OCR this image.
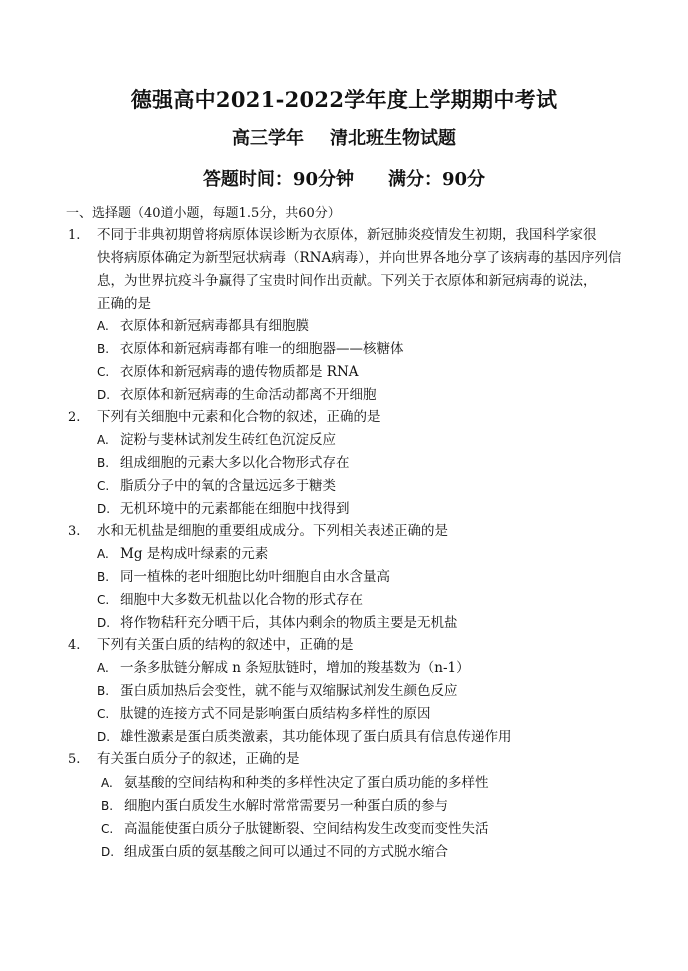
德强高中2021-2022学年度上学期期中考试
高三学年 清北班生物试题
答题时间：90分钟 满分：90分
一、选择题（40道小题，每题1.5分，共60分）
1. 不同于非典初期曾将病原体误诊断为衣原体，新冠肺炎疫情发生初期，我国科学家很
快将病原体确定为新型冠状病毒（RNA病毒），并向世界各地分享了该病毒的基因序列信
息，为世界抗疫斗争赢得了宝贵时间作出贡献。下列关于衣原体和新冠病毒的说法，
正确的是
A. 衣原体和新冠病毒都具有细胞膜
B. 衣原体和新冠病毒都有唯一的细胞器——核糖体
C. 衣原体和新冠病毒的遗传物质都是 RNA
D. 衣原体和新冠病毒的生命活动都离不开细胞
2. 下列有关细胞中元素和化合物的叙述，正确的是
A. 淀粉与斐林试剂发生砖红色沉淀反应
B. 组成细胞的元素大多以化合物形式存在
C. 脂质分子中的氧的含量远远多于糖类
D. 无机环境中的元素都能在细胞中找得到
3. 水和无机盐是细胞的重要组成成分。下列相关表述正确的是
A. Mg 是构成叶绿素的元素
B. 同一植株的老叶细胞比幼叶细胞自由水含量高
C. 细胞中大多数无机盐以化合物的形式存在
D. 将作物秸秆充分晒干后，其体内剩余的物质主要是无机盐
4. 下列有关蛋白质的结构的叙述中，正确的是
A. 一条多肽链分解成 n 条短肽链时，增加的羧基数为（n-1）
B. 蛋白质加热后会变性，就不能与双缩脲试剂发生颜色反应
C. 肽键的连接方式不同是影响蛋白质结构多样性的原因
D. 雄性激素是蛋白质类激素，其功能体现了蛋白质具有信息传递作用
5. 有关蛋白质分子的叙述，正确的是
A. 氨基酸的空间结构和种类的多样性决定了蛋白质功能的多样性
B. 细胞内蛋白质发生水解时常常需要另一种蛋白质的参与
C. 高温能使蛋白质分子肽键断裂、空间结构发生改变而变性失活
D. 组成蛋白质的氨基酸之间可以通过不同的方式脱水缩合
